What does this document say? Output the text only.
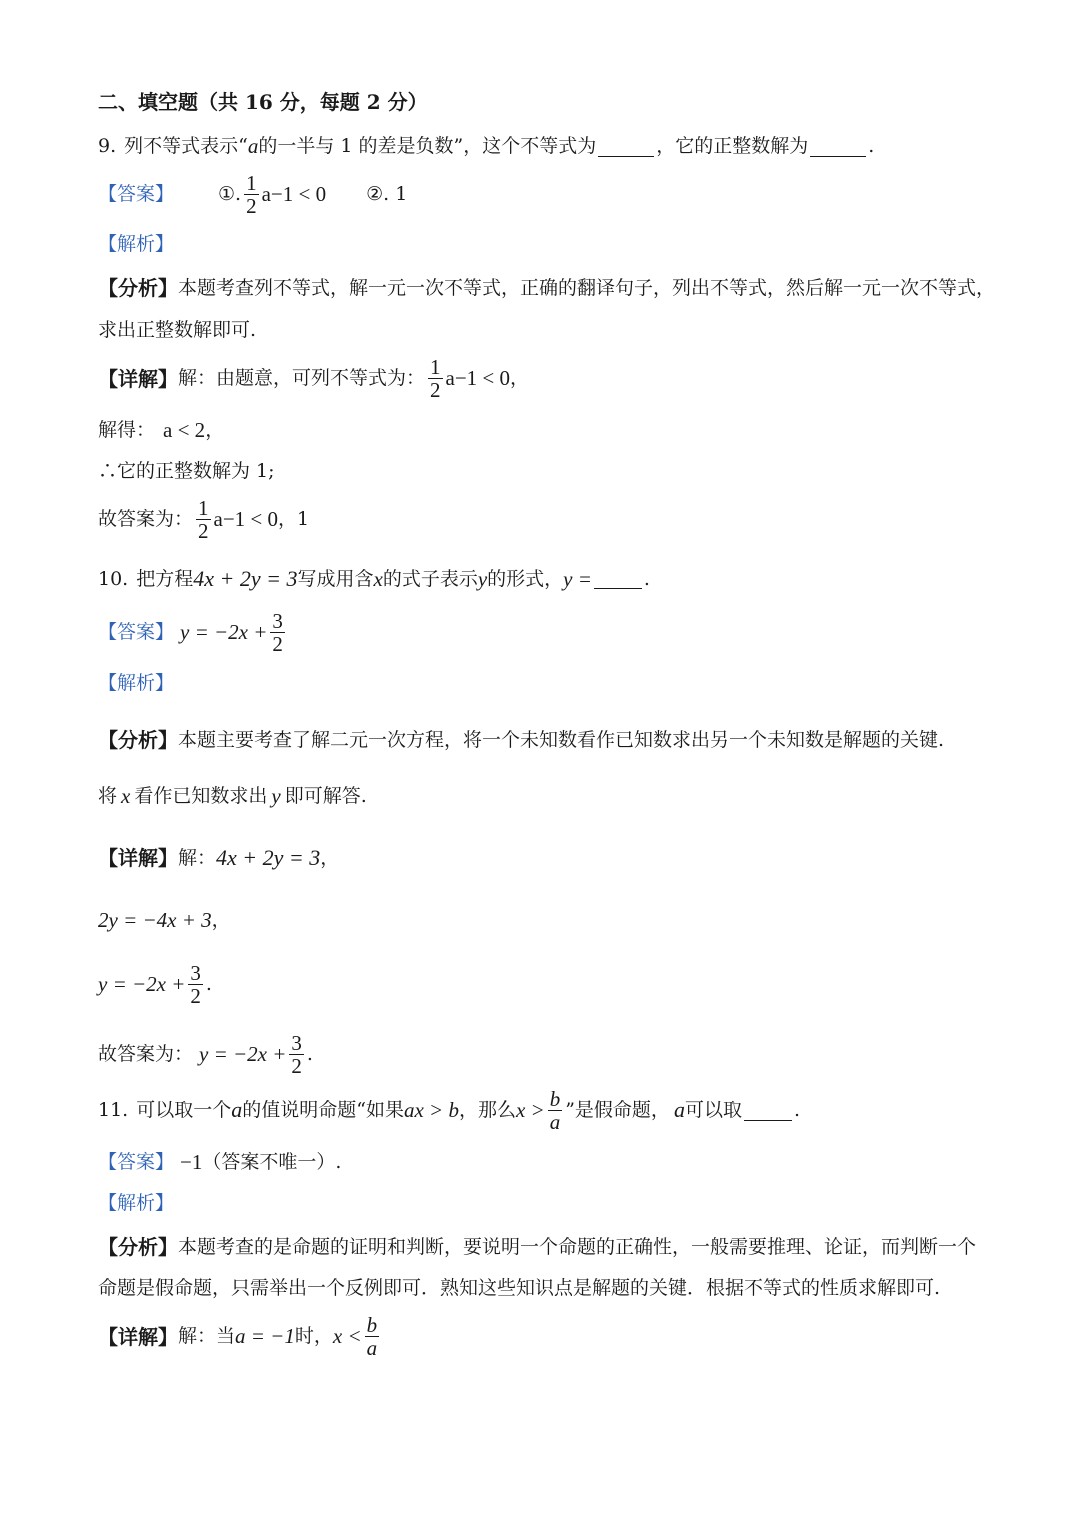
二、填空题（共 16 分，每题 2 分）
9. 列不等式表示“ a 的一半与 1 的差是负数”，这个不等式为	，它的正整数解为	.
【答案】 ①. $\frac{1}{2} a-1 < 0$ ②. 1
【解析】
【分析】 本题考查列不等式，解一元一次不等式，正确的翻译句子，列出不等式，然后解一元一次不等式，
求出正整数解即可.
【详解】 解：由题意，可列不等式为： $\frac{1}{2} a-1 < 0$ ，
解得： a < 2 ，
∴它的正整数解为 1;
故答案为： $\frac{1}{2} a-1 < 0$ ，1
10. 把方程 4x + 2y = 3 写成用含 x 的式子表示 y 的形式， y =	.
【答案】 $y = -2x + \frac{3}{2}$
【解析】
【分析】 本题主要考查了解二元一次方程，将一个未知数看作已知数求出另一个未知数是解题的关键.
将 x 看作已知数求出 y 即可解答.
【详解】 解： 4x + 2y = 3 ，
2y = −4x + 3 ，
$y = -2x + \frac{3}{2}$ .
故答案为： $y = -2x + \frac{3}{2}$ .
11. 可以取一个 a 的值说明命题“如果 ax > b ，那么 $x > \frac{b}{a}$ ”是假命题， a 可以取	.
【答案】 −1 （答案不唯一）.
【解析】
【分析】 本题考查的是命题的证明和判断，要说明一个命题的正确性，一般需要推理、论证，而判断一个
命题是假命题，只需举出一个反例即可．熟知这些知识点是解题的关键．根据不等式的性质求解即可.
【详解】 解：当 a = −1 时， $x < \frac{b}{a}$
